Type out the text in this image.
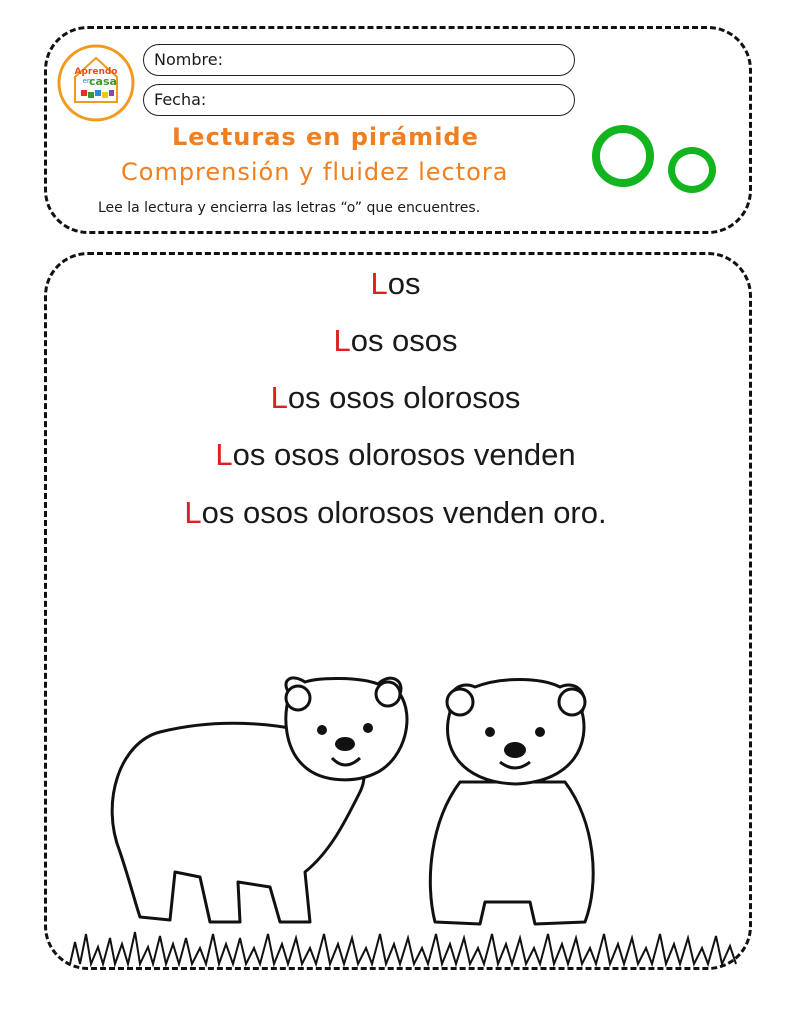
Aprendo
en
casa
Nombre:
Fecha:
Lecturas en pirámide
Comprensión y fluidez lectora
Lee la lectura y encierra las letras “o” que encuentres.
Los
Los osos
Los osos olorosos
Los osos olorosos venden
Los osos olorosos venden oro.
